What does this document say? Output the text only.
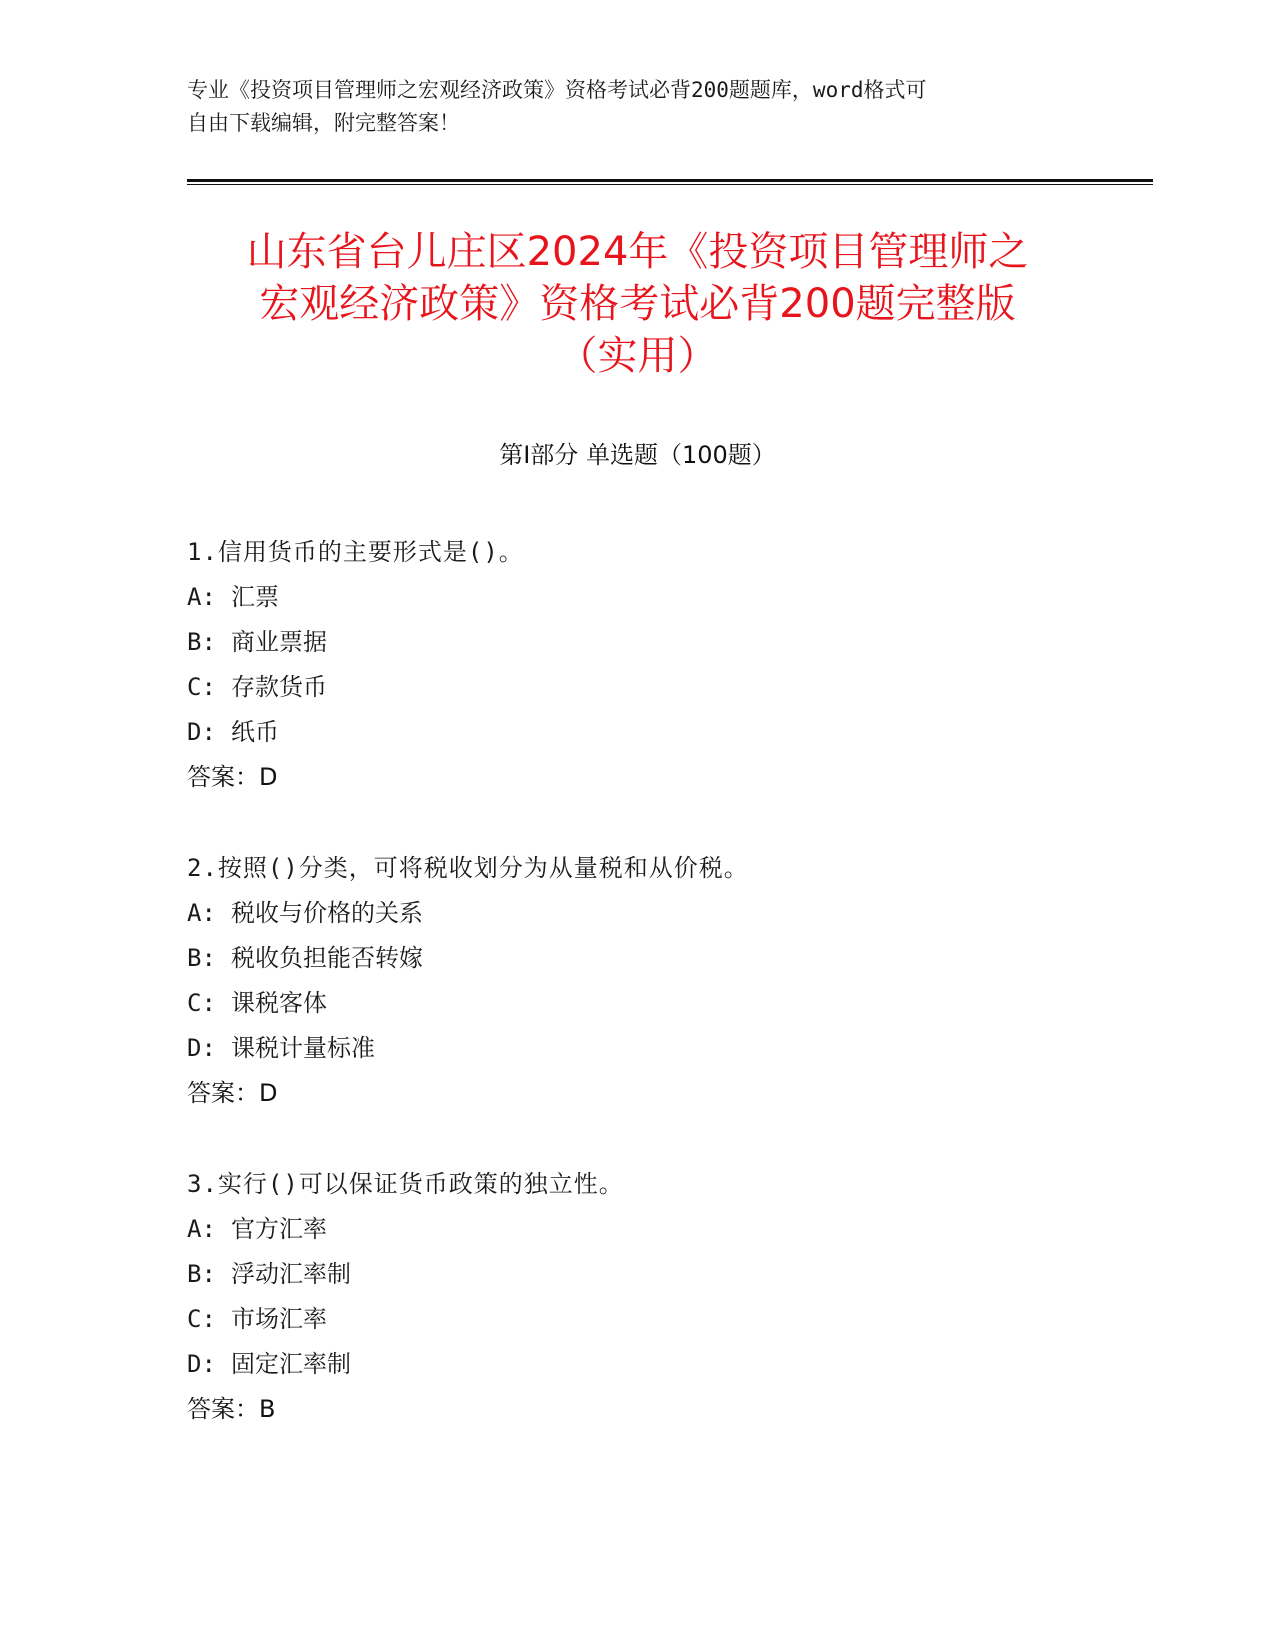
专业《投资项目管理师之宏观经济政策》资格考试必背200题题库，word格式可
自由下载编辑，附完整答案！
山东省台儿庄区2024年《投资项目管理师之
宏观经济政策》资格考试必背200题完整版
（实用）
第Ⅰ部分 单选题（100题）
1.信用货币的主要形式是()。
A: 汇票
B: 商业票据
C: 存款货币
D: 纸币
答案：D
2.按照()分类，可将税收划分为从量税和从价税。
A: 税收与价格的关系
B: 税收负担能否转嫁
C: 课税客体
D: 课税计量标准
答案：D
3.实行()可以保证货币政策的独立性。
A: 官方汇率
B: 浮动汇率制
C: 市场汇率
D: 固定汇率制
答案：B
